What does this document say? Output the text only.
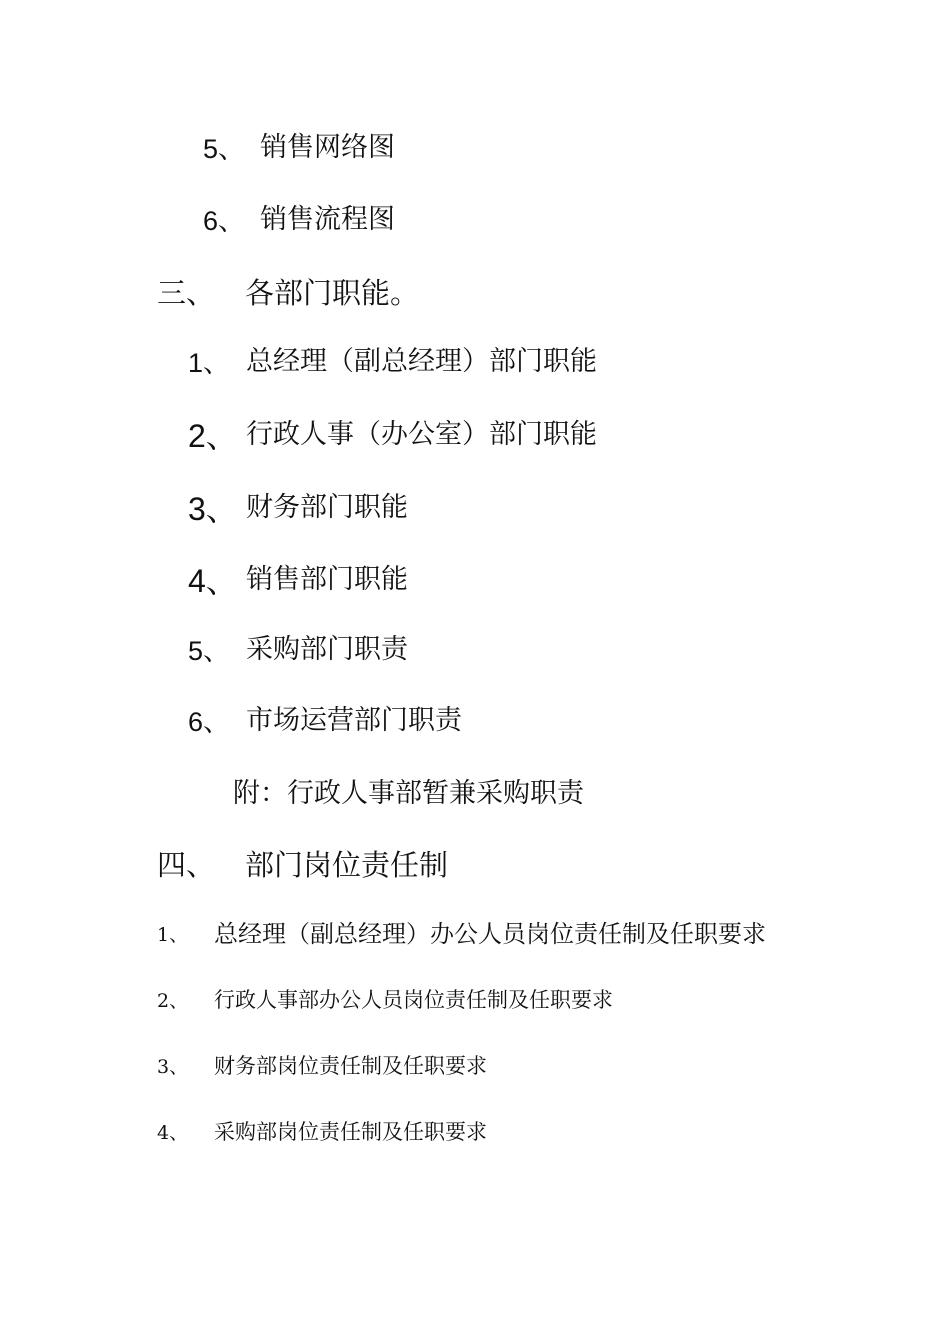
5、 销售网络图
6、 销售流程图
三、 各部门职能。
1、 总经理（副总经理）部门职能
2、 行政人事（办公室）部门职能
3、 财务部门职能
4、 销售部门职能
5、 采购部门职责
6、 市场运营部门职责
附：行政人事部暂兼采购职责
四、 部门岗位责任制
1、 总经理（副总经理）办公人员岗位责任制及任职要求
2、 行政人事部办公人员岗位责任制及任职要求
3、 财务部岗位责任制及任职要求
4、 采购部岗位责任制及任职要求
